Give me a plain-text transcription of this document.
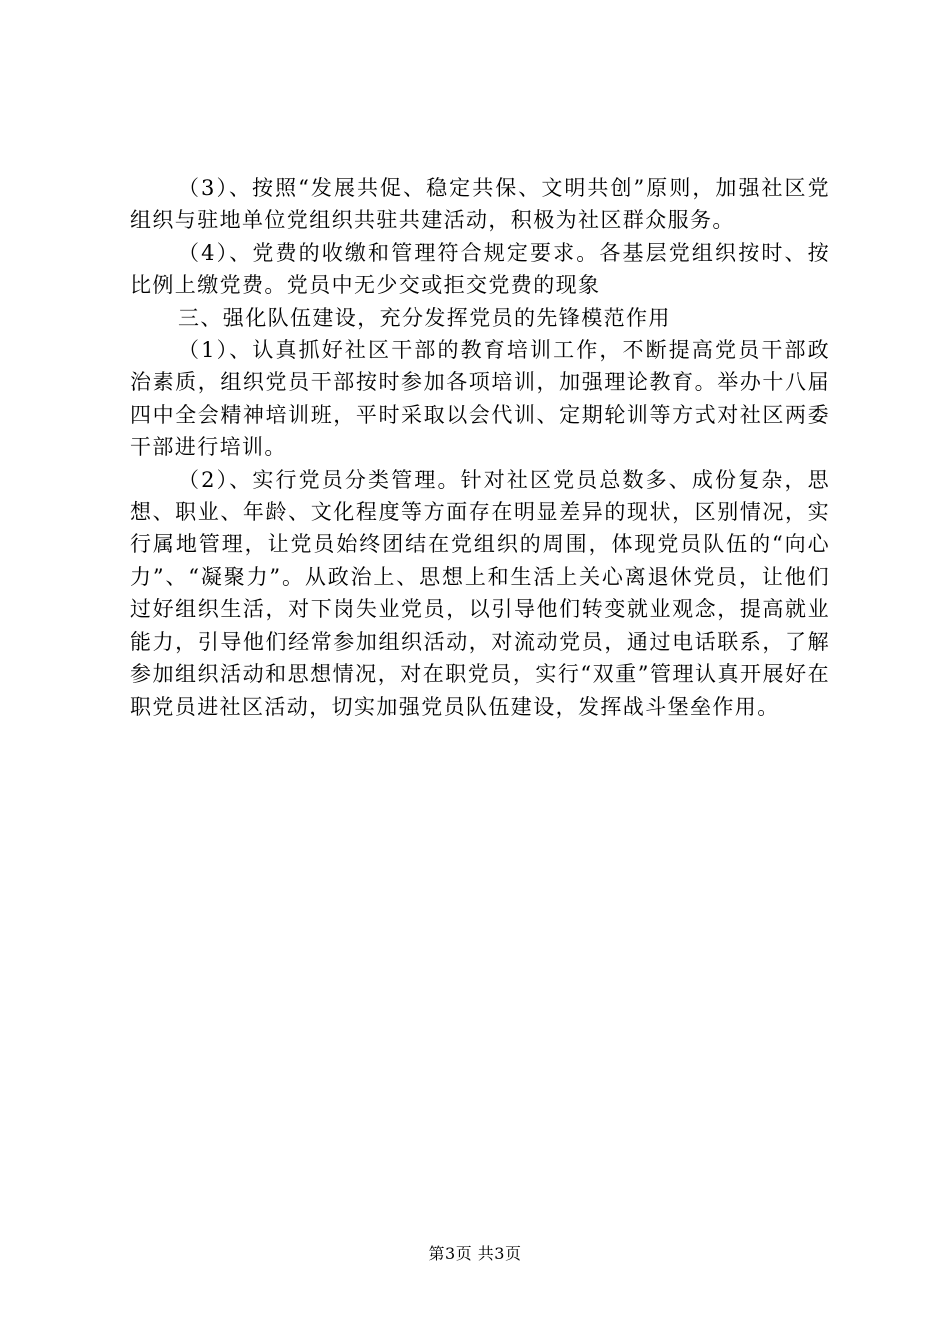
（3）、按照“发展共促、稳定共保、文明共创”原则，加强社区党组织与驻地单位党组织共驻共建活动，积极为社区群众服务。

（4）、党费的收缴和管理符合规定要求。各基层党组织按时、按比例上缴党费。党员中无少交或拒交党费的现象

三、强化队伍建设，充分发挥党员的先锋模范作用

（1）、认真抓好社区干部的教育培训工作，不断提高党员干部政治素质，组织党员干部按时参加各项培训，加强理论教育。举办十八届四中全会精神培训班，平时采取以会代训、定期轮训等方式对社区两委干部进行培训。

（2）、实行党员分类管理。针对社区党员总数多、成份复杂，思想、职业、年龄、文化程度等方面存在明显差异的现状，区别情况，实行属地管理，让党员始终团结在党组织的周围，体现党员队伍的“向心力”、“凝聚力”。从政治上、思想上和生活上关心离退休党员，让他们过好组织生活，对下岗失业党员，以引导他们转变就业观念，提高就业能力，引导他们经常参加组织活动，对流动党员，通过电话联系，了解参加组织活动和思想情况，对在职党员，实行“双重”管理认真开展好在职党员进社区活动，切实加强党员队伍建设，发挥战斗堡垒作用。

第3页 共3页
